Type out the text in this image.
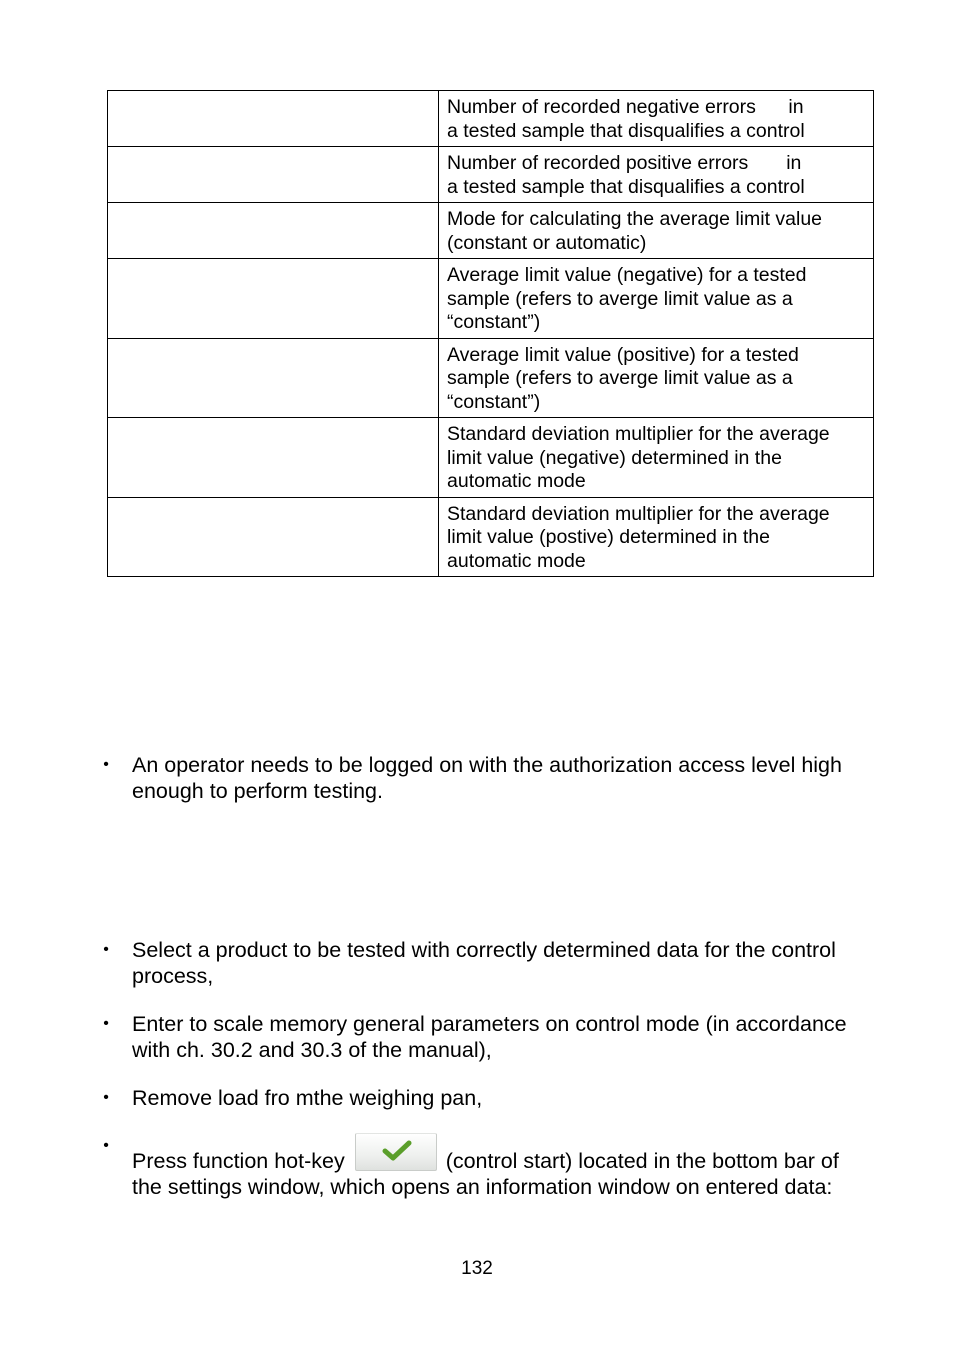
	Number of recorded negative errors      in
a tested sample that disqualifies a control

	Number of recorded positive errors       in
a tested sample that disqualifies a control

	Mode for calculating the average limit value
(constant or automatic)

	Average limit value (negative) for a tested
sample (refers to averge limit value as a
“constant”)

	Average limit value (positive) for a tested
sample (refers to averge limit value as a
“constant”)

	Standard deviation multiplier for the average
limit value (negative) determined in the
automatic mode

	Standard deviation multiplier for the average
limit value (postive) determined in the
automatic mode
• An operator needs to be logged on with the authorization access level high enough to perform testing.
• Select a product to be tested with correctly determined data for the control process,
• Enter to scale memory general parameters on control mode (in accordance with ch. 30.2 and 30.3 of the manual),
• Remove load fro mthe weighing pan,
•
Press function hot-key	(control start) located in the bottom bar of the settings window, which opens an information window on entered data:
132
